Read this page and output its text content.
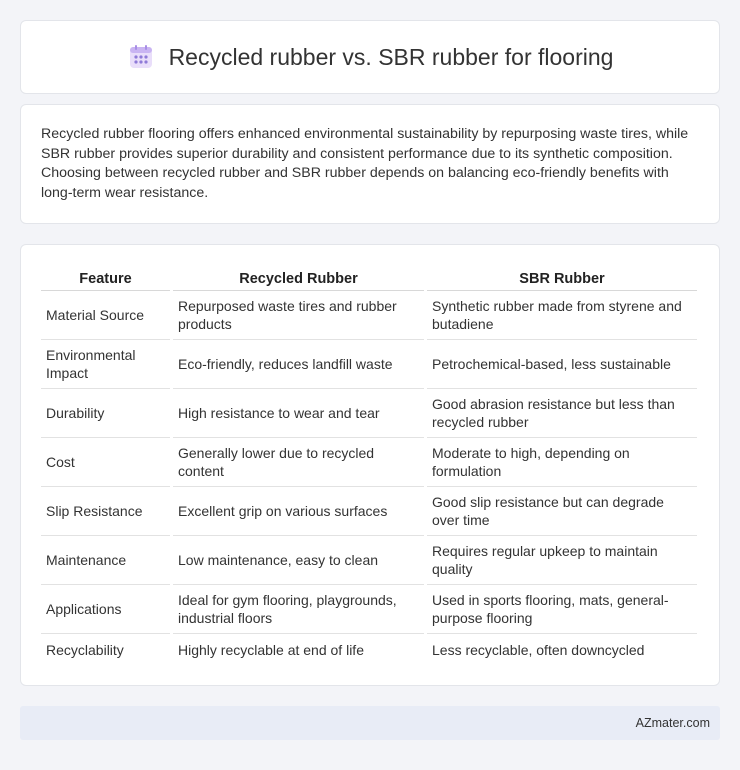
Recycled rubber vs. SBR rubber for flooring

Recycled rubber flooring offers enhanced environmental sustainability by repurposing waste tires, while SBR rubber provides superior durability and consistent performance due to its synthetic composition. Choosing between recycled rubber and SBR rubber depends on balancing eco-friendly benefits with long-term wear resistance.

Feature	Recycled Rubber	SBR Rubber
Material Source	Repurposed waste tires and rubber products	Synthetic rubber made from styrene and butadiene
Environmental Impact	Eco-friendly, reduces landfill waste	Petrochemical-based, less sustainable
Durability	High resistance to wear and tear	Good abrasion resistance but less than recycled rubber
Cost	Generally lower due to recycled content	Moderate to high, depending on formulation
Slip Resistance	Excellent grip on various surfaces	Good slip resistance but can degrade over time
Maintenance	Low maintenance, easy to clean	Requires regular upkeep to maintain quality
Applications	Ideal for gym flooring, playgrounds, industrial floors	Used in sports flooring, mats, general-purpose flooring
Recyclability	Highly recyclable at end of life	Less recyclable, often downcycled
AZmater.com
